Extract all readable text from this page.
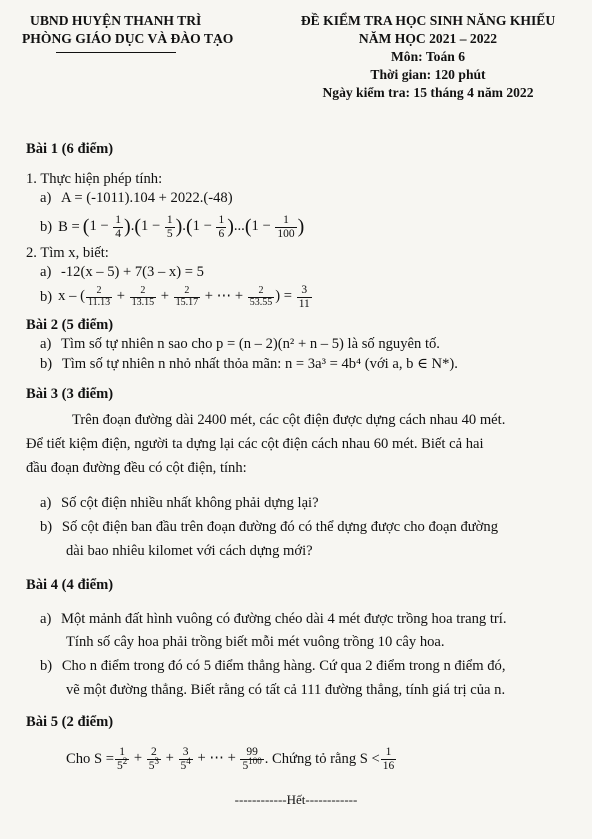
UBND HUYỆN THANH TRÌ
PHÒNG GIÁO DỤC VÀ ĐÀO TẠO
ĐỀ KIỂM TRA HỌC SINH NĂNG KHIẾU
NĂM HỌC 2021 – 2022
Môn: Toán 6
Thời gian: 120 phút
Ngày kiểm tra: 15 tháng 4 năm 2022
Bài 1 (6 điểm)
1. Thực hiện phép tính:
a) A = (-1011).104 + 2022.(-48)
b) $B = (1 - \frac{1}{4} ).(1 - \frac{1}{5} ).(1 - \frac{1}{6} )...(1 - \frac{1}{100}$ )
2. Tìm x, biết:
a) -12(x – 5) + 7(3 – x) = 5
b) x – ( $\frac{2}{11.13} + \frac{2}{13.15} + \frac{2}{15.17}$ + ⋯ + $\frac{2}{53.55}$ ) = $\frac{3}{11}$
Bài 2 (5 điểm)
a) Tìm số tự nhiên n sao cho p = (n – 2)(n² + n – 5) là số nguyên tố.
b) Tìm số tự nhiên n nhỏ nhất thỏa mãn: n = 3a³ = 4b⁴ (với a, b ∈ N*).
Bài 3 (3 điểm)
Trên đoạn đường dài 2400 mét, các cột điện được dựng cách nhau 40 mét.
Để tiết kiệm điện, người ta dựng lại các cột điện cách nhau 60 mét. Biết cả hai
đầu đoạn đường đều có cột điện, tính:
a) Số cột điện nhiều nhất không phải dựng lại?
b) Số cột điện ban đầu trên đoạn đường đó có thể dựng được cho đoạn đường
dài bao nhiêu kilomet với cách dựng mới?
Bài 4 (4 điểm)
a) Một mảnh đất hình vuông có đường chéo dài 4 mét được trồng hoa trang trí.
Tính số cây hoa phải trồng biết mỗi mét vuông trồng 10 cây hoa.
b) Cho n điểm trong đó có 5 điểm thẳng hàng. Cứ qua 2 điểm trong n điểm đó,
vẽ một đường thẳng. Biết rằng có tất cả 111 đường thẳng, tính giá trị của n.
Bài 5 (2 điểm)
Cho $S = \frac{1}{5^2} + \frac{2}{5^3} + \frac{3}{5^4}$ + ⋯ + $\frac{99}{5^{100}}$ . Chứng tỏ rằng $S < \frac{1}{16}$
------------Hết------------
